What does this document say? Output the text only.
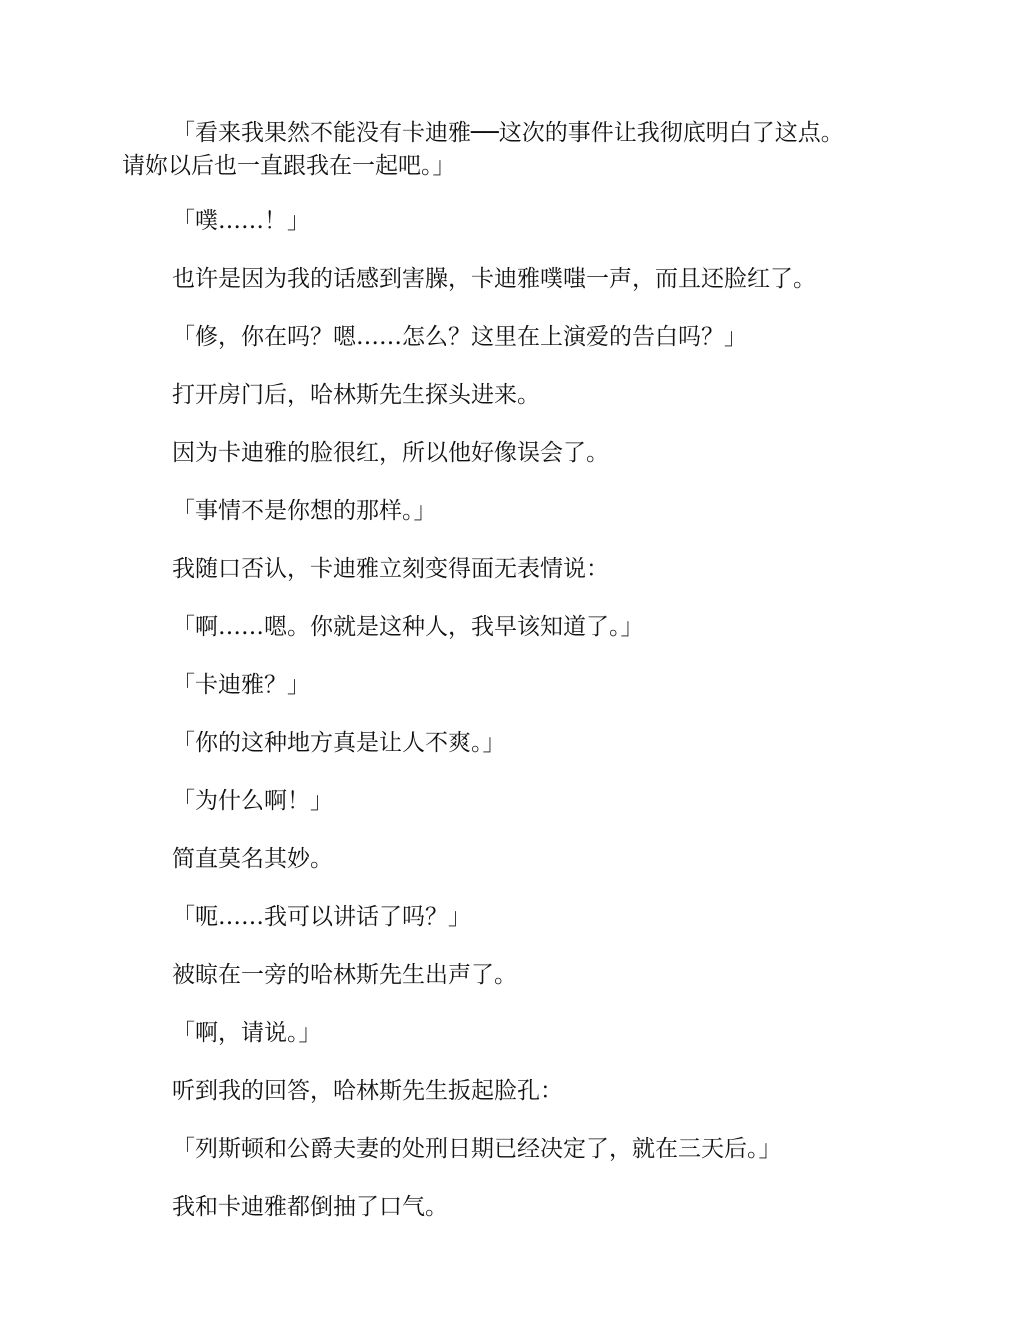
「看来我果然不能没有卡迪雅──这次的事件让我彻底明白了这点。请妳以后也一直跟我在一起吧。」

「噗……！」

也许是因为我的话感到害臊，卡迪雅噗嗤一声，而且还脸红了。

「修，你在吗？嗯……怎么？这里在上演爱的告白吗？」

打开房门后，哈林斯先生探头进来。

因为卡迪雅的脸很红，所以他好像误会了。

「事情不是你想的那样。」

我随口否认，卡迪雅立刻变得面无表情说：

「啊……嗯。你就是这种人，我早该知道了。」

「卡迪雅？」

「你的这种地方真是让人不爽。」

「为什么啊！」

简直莫名其妙。

「呃……我可以讲话了吗？」

被晾在一旁的哈林斯先生出声了。

「啊，请说。」

听到我的回答，哈林斯先生扳起脸孔：

「列斯顿和公爵夫妻的处刑日期已经决定了，就在三天后。」

我和卡迪雅都倒抽了口气。
